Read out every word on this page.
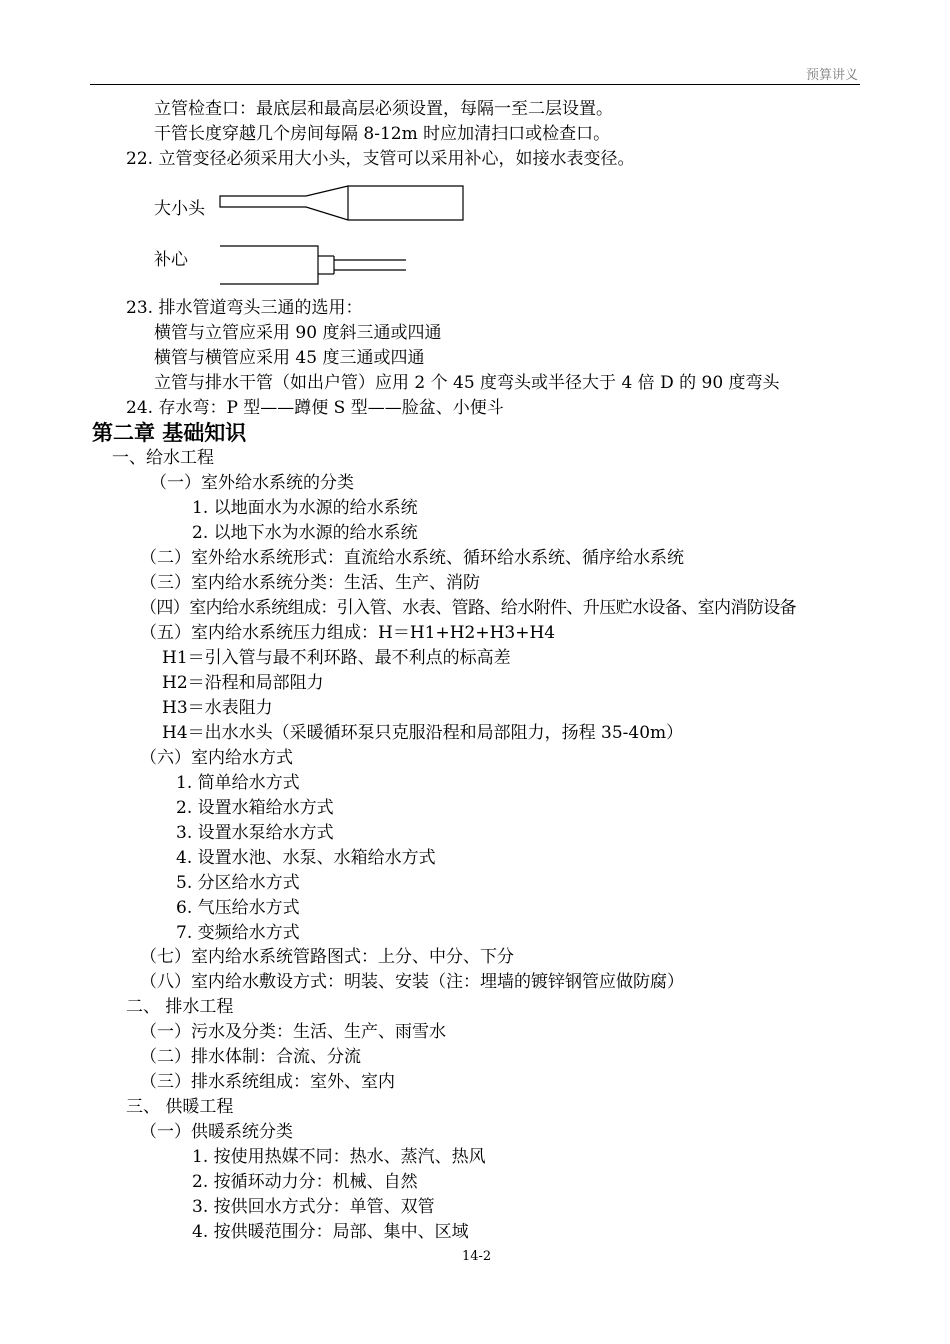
预算讲义
立管检查口：最底层和最高层必须设置，每隔一至二层设置。
干管长度穿越几个房间每隔 8-12m 时应加清扫口或检查口。
22. 立管变径必须采用大小头，支管可以采用补心，如接水表变径。
大小头
补心
23. 排水管道弯头三通的选用：
横管与立管应采用 90 度斜三通或四通
横管与横管应采用 45 度三通或四通
立管与排水干管（如出户管）应用 2 个 45 度弯头或半径大于 4 倍 D 的 90 度弯头
24. 存水弯：P 型——蹲便 S 型——脸盆、小便斗
第二章 基础知识
一、给水工程
（一）室外给水系统的分类
1. 以地面水为水源的给水系统
2. 以地下水为水源的给水系统
（二）室外给水系统形式：直流给水系统、循环给水系统、循序给水系统
（三）室内给水系统分类：生活、生产、消防
（四）室内给水系统组成：引入管、水表、管路、给水附件、升压贮水设备、室内消防设备
（五）室内给水系统压力组成：H＝H1+H2+H3+H4
H1＝引入管与最不利环路、最不利点的标高差
H2＝沿程和局部阻力
H3＝水表阻力
H4＝出水水头（采暖循环泵只克服沿程和局部阻力，扬程 35-40m）
（六）室内给水方式
1. 简单给水方式
2. 设置水箱给水方式
3. 设置水泵给水方式
4. 设置水池、水泵、水箱给水方式
5. 分区给水方式
6. 气压给水方式
7. 变频给水方式
（七）室内给水系统管路图式：上分、中分、下分
（八）室内给水敷设方式：明装、安装（注：埋墙的镀锌钢管应做防腐）
二、 排水工程
（一）污水及分类：生活、生产、雨雪水
（二）排水体制：合流、分流
（三）排水系统组成：室外、室内
三、 供暖工程
（一）供暖系统分类
1. 按使用热媒不同：热水、蒸汽、热风
2. 按循环动力分：机械、自然
3. 按供回水方式分：单管、双管
4. 按供暖范围分：局部、集中、区域
14-2
